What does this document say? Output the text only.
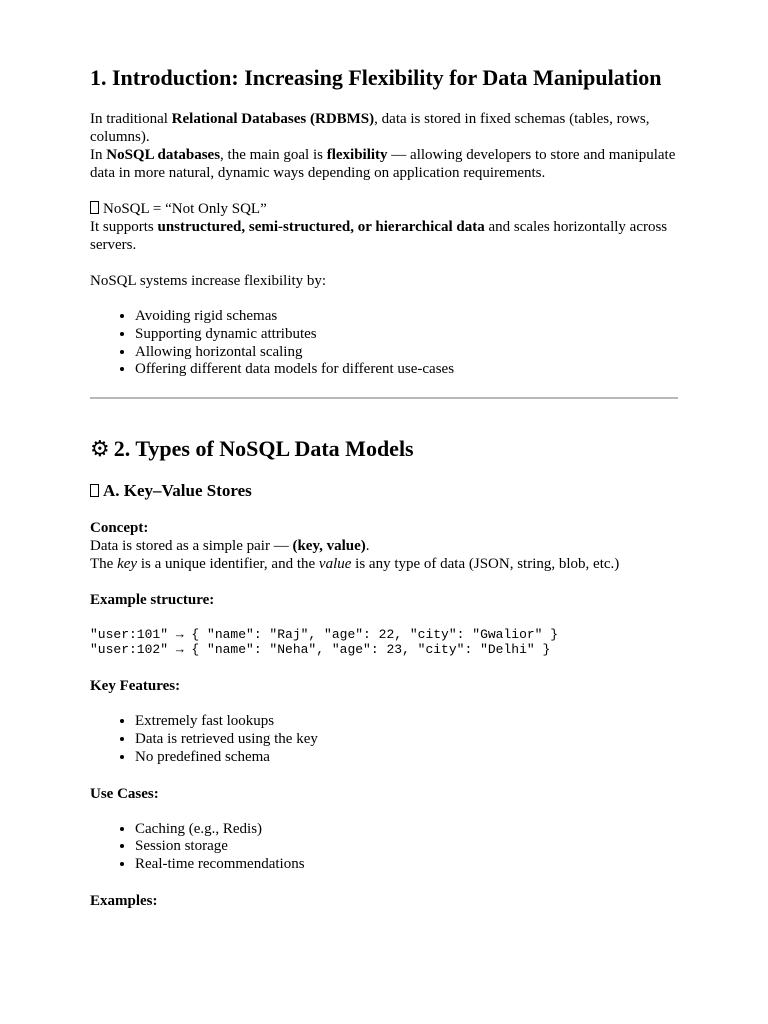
1. Introduction: Increasing Flexibility for Data Manipulation

In traditional Relational Databases (RDBMS), data is stored in fixed schemas (tables, rows, columns).
In NoSQL databases, the main goal is flexibility — allowing developers to store and manipulate data in more natural, dynamic ways depending on application requirements.

NoSQL = “Not Only SQL”
It supports unstructured, semi-structured, or hierarchical data and scales horizontally across servers.

NoSQL systems increase flexibility by:

• Avoiding rigid schemas
• Supporting dynamic attributes
• Allowing horizontal scaling
• Offering different data models for different use-cases
⚙ 2. Types of NoSQL Data Models
A. Key–Value Stores

Concept:
Data is stored as a simple pair — (key, value).
The key is a unique identifier, and the value is any type of data (JSON, string, blob, etc.)

Example structure:

"user:101" → { "name": "Raj", "age": 22, "city": "Gwalior" }
"user:102" → { "name": "Neha", "age": 23, "city": "Delhi" }

Key Features:

• Extremely fast lookups
• Data is retrieved using the key
• No predefined schema

Use Cases:

• Caching (e.g., Redis)
• Session storage
• Real-time recommendations

Examples:
